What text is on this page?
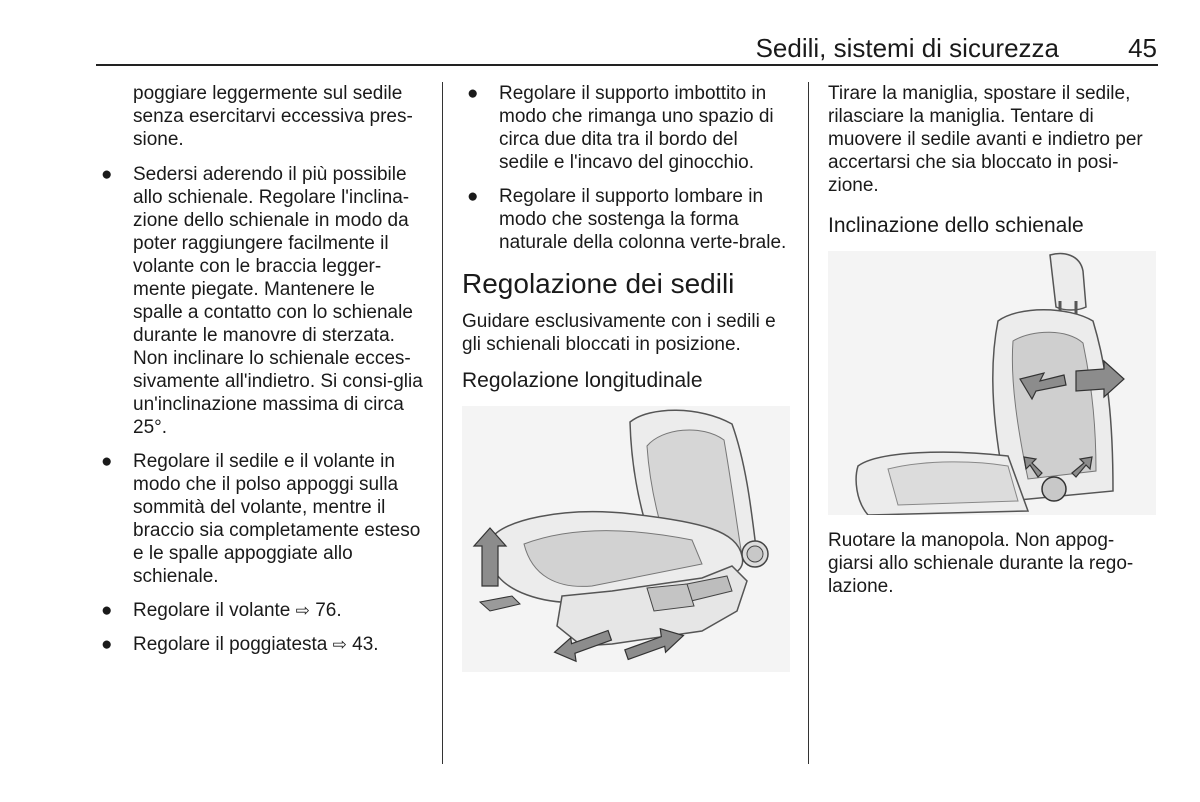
Sedili, sistemi di sicurezza	45

poggiare leggermente sul sedile senza esercitarvi eccessiva pres-sione.

● Sedersi aderendo il più possibile allo schienale. Regolare l'inclina-zione dello schienale in modo da poter raggiungere facilmente il volante con le braccia legger-mente piegate. Mantenere le spalle a contatto con lo schienale durante le manovre di sterzata. Non inclinare lo schienale ecces-sivamente all'indietro. Si consi-glia un'inclinazione massima di circa 25°.
● Regolare il sedile e il volante in modo che il polso appoggi sulla sommità del volante, mentre il braccio sia completamente esteso e le spalle appoggiate allo schienale.
● Regolare il volante ⇨ 76.
● Regolare il poggiatesta ⇨ 43.
● Regolare il supporto imbottito in modo che rimanga uno spazio di circa due dita tra il bordo del sedile e l'incavo del ginocchio.
● Regolare il supporto lombare in modo che sostenga la forma naturale della colonna verte-brale.
Regolazione dei sedili

Guidare esclusivamente con i sedili e gli schienali bloccati in posizione.

Regolazione longitudinale

Tirare la maniglia, spostare il sedile, rilasciare la maniglia. Tentare di muovere il sedile avanti e indietro per accertarsi che sia bloccato in posi-zione.

Inclinazione dello schienale

Ruotare la manopola. Non appog-giarsi allo schienale durante la rego-lazione.
